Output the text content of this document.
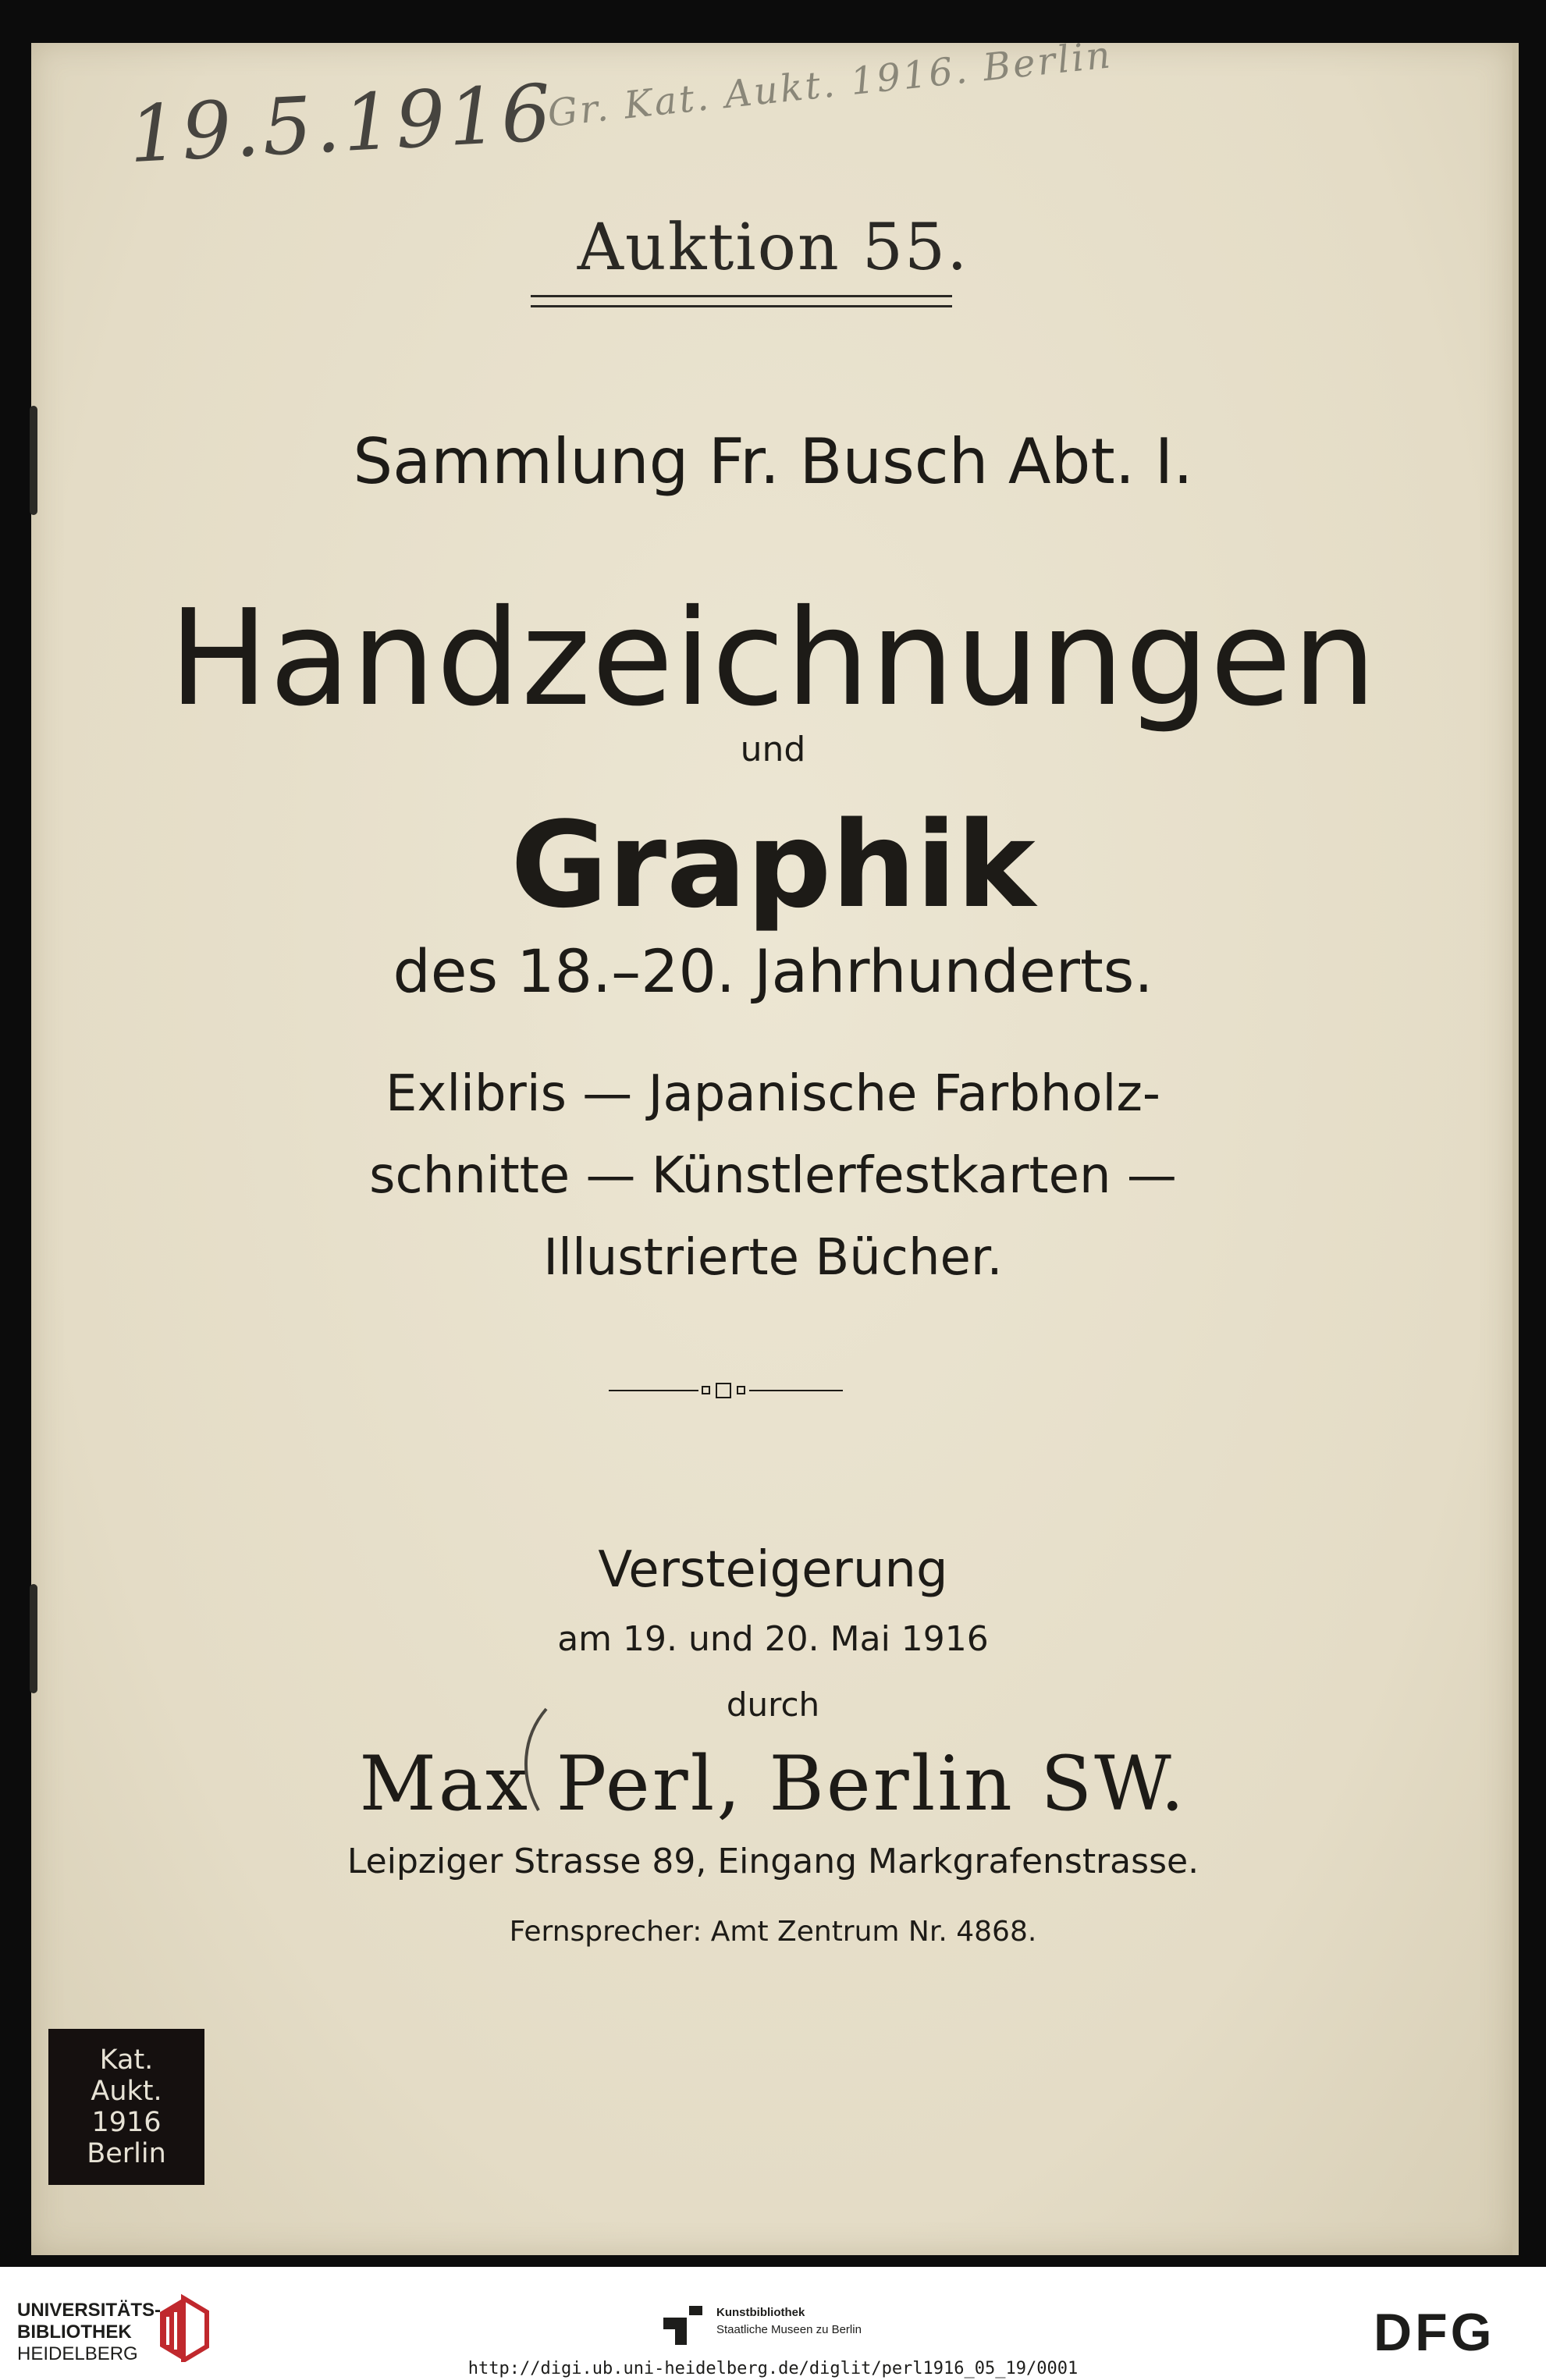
19.5.1916
Gr. Kat. Aukt. 1916. Berlin
Auktion 55.
Sammlung Fr. Busch Abt. I.
Handzeichnungen
und
Graphik
des 18.–20. Jahrhunderts.
Exlibris — Japanische Farbholz-
schnitte — Künstlerfestkarten —
Illustrierte Bücher.
Versteigerung
am 19. und 20. Mai 1916
durch
Max Perl, Berlin SW.
Leipziger Strasse 89, Eingang Markgrafenstrasse.
Fernsprecher: Amt Zentrum Nr. 4868.
Kat.
Aukt.
1916
Berlin
UNIVERSITÄTS-
BIBLIOTHEK
HEIDELBERG
Kunstbibliothek
Staatliche Museen zu Berlin	DFG
http://digi.ub.uni-heidelberg.de/diglit/perl1916_05_19/0001
